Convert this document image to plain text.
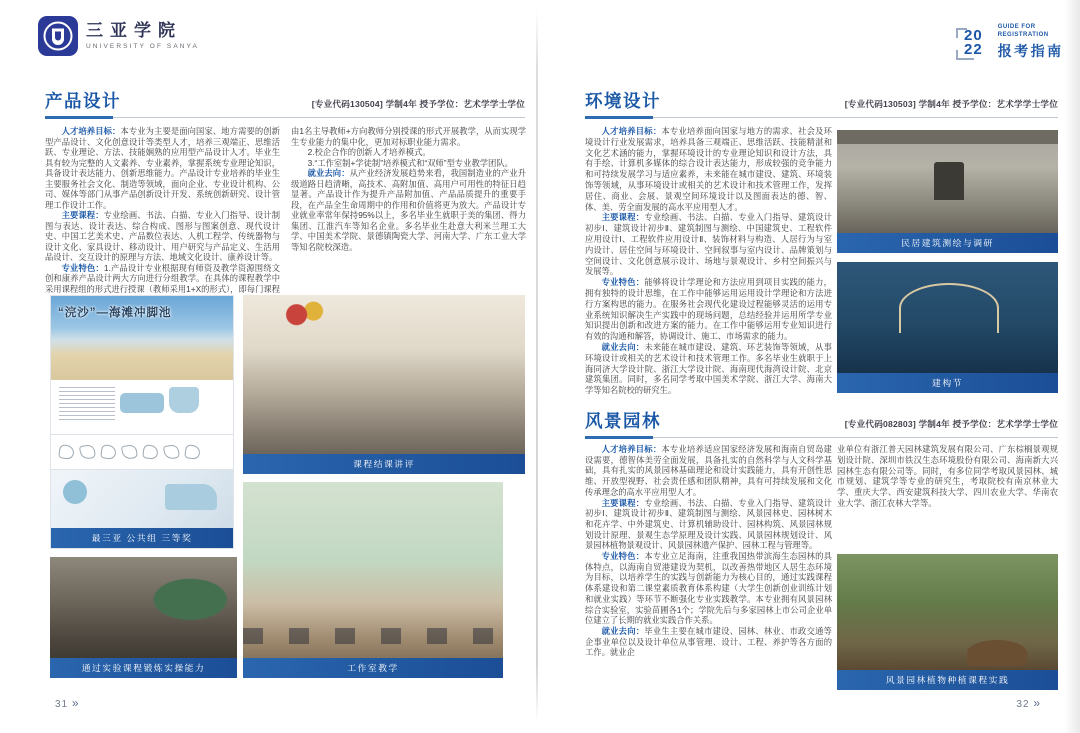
三亚学院
UNIVERSITY OF SANYA
20
22
GUIDE FOR
REGISTRATION
报考指南
产品设计	[专业代码130504] 学制4年 授予学位：艺术学学士学位

人才培养目标：本专业为主要是面向国家、地方需要的创新型产品设计、文化创意设计等类型人才，培养三观端正、思维活跃、专业理论、方法、技能娴熟的应用型产品设计人才。毕业生具有较为完整的人文素养、专业素养，掌握系统专业理论知识，具备设计表达能力、创新思维能力。产品设计专业培养的毕业生主要服务社会文化、制造等领域，面向企业、专业设计机构、公司、媒体等部门从事产品创新设计开发、系统创新研究、设计管理工作设计工作。

主要课程：专业绘画、书法、白描、专业入门指导、设计制图与表达、设计表达、综合构成、图形与图案创意、现代设计史、中国工艺美术史、产品数位表达、人机工程学、传统器物与设计文化、家具设计、移动设计、用户研究与产品定义、生活用品设计、交互设计的原理与方法、地域文化设计、康养设计等。

专业特色：1.产品设计专业根据现有师资及教学资源围绕文创和康养产品设计两大方向进行分组教学。在具体的课程教学中采用课程组的形式进行授课（教师采用1+X的形式），即每门课程由1名主导教师+方向教师分别授课的形式开展教学，从而实现学生专业能力的集中化，更加对标职业能力需求。

2.校企合作的创新人才培养模式。

3.“工作室制+学徒制”培养模式和“双师”型专业教学团队。

就业去向：从产业经济发展趋势来看，我国制造业的产业升级道路日趋清晰，高技术、高附加值、高用户可用性的特征日趋显著。产品设计作为提升产品附加值、产品品质提升的重要手段，在产品全生命周期中的作用和价值将更为放大。产品设计专业就业率常年保持95%以上，多名毕业生就职于美的集团、得力集团、江淮汽车等知名企业。多名毕业生赴意大利米兰理工大学、中国美术学院、景德镇陶瓷大学、河南大学、广东工业大学等知名院校深造。

“浣沙”—海滩冲脚池
最三亚 公共组 三等奖
课程结课讲评
通过实验课程锻炼实操能力	工作室教学
31 »
环境设计	[专业代码130503] 学制4年 授予学位：艺术学学士学位

人才培养目标：本专业培养面向国家与地方的需求、社会及环境设计行业发展需求，培养具备三观端正、思维活跃、技能精湛和文化艺术涵的能力，掌握环境设计的专业理论知识和设计方法，具有手绘、计算机多媒体的综合设计表达能力，形成较强的竞争能力和可持续发展学习与适应素养，未来能在城市建设、建筑、环境装饰等领域，从事环境设计或相关的艺术设计和技术管理工作，发挥居住、商业、会展、景观空间环境设计以及图面表达的德、智、体、美、劳全面发展的高水平应用型人才。

主要课程：专业绘画、书法、白描、专业入门指导、建筑设计初步Ⅰ、建筑设计初步Ⅱ、建筑制图与测绘、中国建筑史、工程软件应用设计Ⅰ、工程软件应用设计Ⅱ、装饰材料与构造、人居行为与室内设计、居住空间与环境设计、空间叙事与室内设计、品牌策划与空间设计、文化创意展示设计、场地与景观设计、乡村空间振兴与发展等。

专业特色：能够将设计学理论和方法应用到项目实践的能力，拥有独特的设计思维，在工作中能够运用运用设计学理论和方法进行方案构思的能力。在服务社会现代化建设过程能够灵活的运用专业系统知识解决生产实践中的现场问题，总结经验并运用所学专业知识提出创新和改进方案的能力。在工作中能够运用专业知识进行有效的沟通和解答，协调设计、施工、市场需求的能力。

就业去向：未来能在城市建设、建筑、环艺装饰等领域，从事环境设计或相关的艺术设计和技术管理工作。多名毕业生就职于上海同济大学设计院、浙江大学设计院、海南现代海湾设计院、北京建筑集团。同时，多名同学考取中国美术学院、浙江大学、海南大学等知名院校的研究生。

民居建筑测绘与调研
建构节
风景园林	[专业代码082803] 学制4年 授予学位：艺术学学士学位

人才培养目标：本专业培养适应国家经济发展和海南自贸岛建设需要，德智体美劳全面发展，具备扎实的自然科学与人文科学基础，具有扎实的风景园林基础理论和设计实践能力，具有开创性思维、开放型视野、社会责任感和团队精神，具有可持续发展和文化传承理念的高水平应用型人才。

主要课程：专业绘画、书法、白描、专业入门指导、建筑设计初步Ⅰ、建筑设计初步Ⅱ、建筑制图与测绘、风景园林史、园林树木和花卉学、中外建筑史、计算机辅助设计、园林构筑、风景园林规划设计原理、景观生态学原理及设计实践、风景园林规划设计、风景园林植物景观设计、风景园林遗产保护、园林工程与管理等。

专业特色：本专业立足海南，注重我国热带滨海生态园林的具体特点，以海南自贸港建设为契机，以改善热带地区人居生态环境为目标，以培养学生的实践与创新能力为核心目的，通过实践课程体系建设和第二课堂素质教育体系构建（大学生创新创业训练计划和就业实践）等环节不断强化专业实践教学。本专业拥有风景园林综合实验室，实验苗圃各1个；学院先后与多家园林上市公司企业单位建立了长期的就业实践合作关系。

就业去向：毕业生主要在城市建设、园林、林业、市政交通等企事业单位以及设计单位从事管理、设计、工程、养护等各方面的工作。就业企

业单位有浙江普天园林建筑发展有限公司、广东棕榈景观规划设计院、深圳市铁汉生态环境股份有限公司、海南新大兴园林生态有限公司等。同时，有多位同学考取风景园林、城市规划、建筑学等专业的研究生，考取院校有南京林业大学、重庆大学、西安建筑科技大学、四川农业大学、华南农业大学、浙江农林大学等。

风景园林植物种植课程实践
32 »
